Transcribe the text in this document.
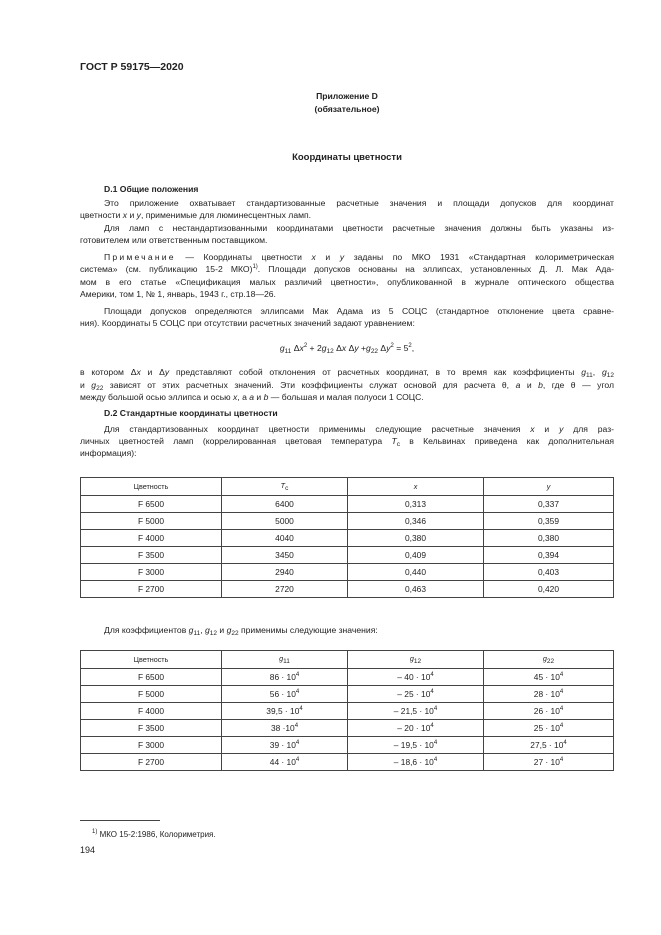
ГОСТ Р 59175—2020
Приложение D
(обязательное)
Координаты цветности
D.1 Общие положения
D.2 Стандартные координаты цветности
Это приложение охватывает стандартизованные расчетные значения и площади допусков для координат
цветности x и y, применимые для люминесцентных ламп.
Для ламп с нестандартизованными координатами цветности расчетные значения должны быть указаны из-
готовителем или ответственным поставщиком.
Примечание — Координаты цветности x и y заданы по МКО 1931 «Стандартная колориметрическая
система» (см. публикацию 15-2 МКО)$^{1)}$. Площади допусков основаны на эллипсах, установленных Д. Л. Мак Ада-
мом в его статье «Спецификация малых различий цветности», опубликованной в журнале оптического общества
Америки, том 1, № 1, январь, 1943 г., стр.18—26.
Площади допусков определяются эллипсами Мак Адама из 5 СОЦС (стандартное отклонение цвета сравне-
ния). Координаты 5 СОЦС при отсутствии расчетных значений задают уравнением:
в котором Δx и Δy представляют собой отклонения от расчетных координат, в то время как коэффициенты $g_{11}$, $g_{12}$
и $g_{22}$ зависят от этих расчетных значений. Эти коэффициенты служат основой для расчета θ, a и b, где θ — угол
между большой осью эллипса и осью x, а a и b — большая и малая полуоси 1 СОЦС.
Для стандартизованных координат цветности применимы следующие расчетные значения x и y для раз-
личных цветностей ламп (коррелированная цветовая температура $T_c$ в Кельвинах приведена как дополнительная
информация):
Для коэффициентов $g_{11}$, $g_{12}$ и $g_{22}$ применимы следующие значения:
$g_{11}$ $\Delta x^2 + 2g_{12}$ Δx $\Delta y +g_{22}$ $\Delta y^2 = 5^2$,
Цветность	Tc	x	y
F 6500	6400	0,313	0,337
F 5000	5000	0,346	0,359
F 4000	4040	0,380	0,380
F 3500	3450	0,409	0,394
F 3000	2940	0,440	0,403
F 2700	2720	0,463	0,420
Цветность	g11	g12	g22
F 6500	$86 \cdot 10^4$	– $40 \cdot 10^4$	$45 \cdot 10^4$
F 5000	$56 \cdot 10^4$	– $25 \cdot 10^4$	$28 \cdot 10^4$
F 4000	$39,5 \cdot 10^4$	– $21,5 \cdot 10^4$	$26 \cdot 10^4$
F 3500	$38 \cdot 10^4$	– $20 \cdot 10^4$	$25 \cdot 10^4$
F 3000	$39 \cdot 10^4$	– $19,5 \cdot 10^4$	$27,5 \cdot 10^4$
F 2700	$44 \cdot 10^4$	– $18,6 \cdot 10^4$	$27 \cdot 10^4$
$^{1)}$ МКО 15-2:1986, Колориметрия.
194
